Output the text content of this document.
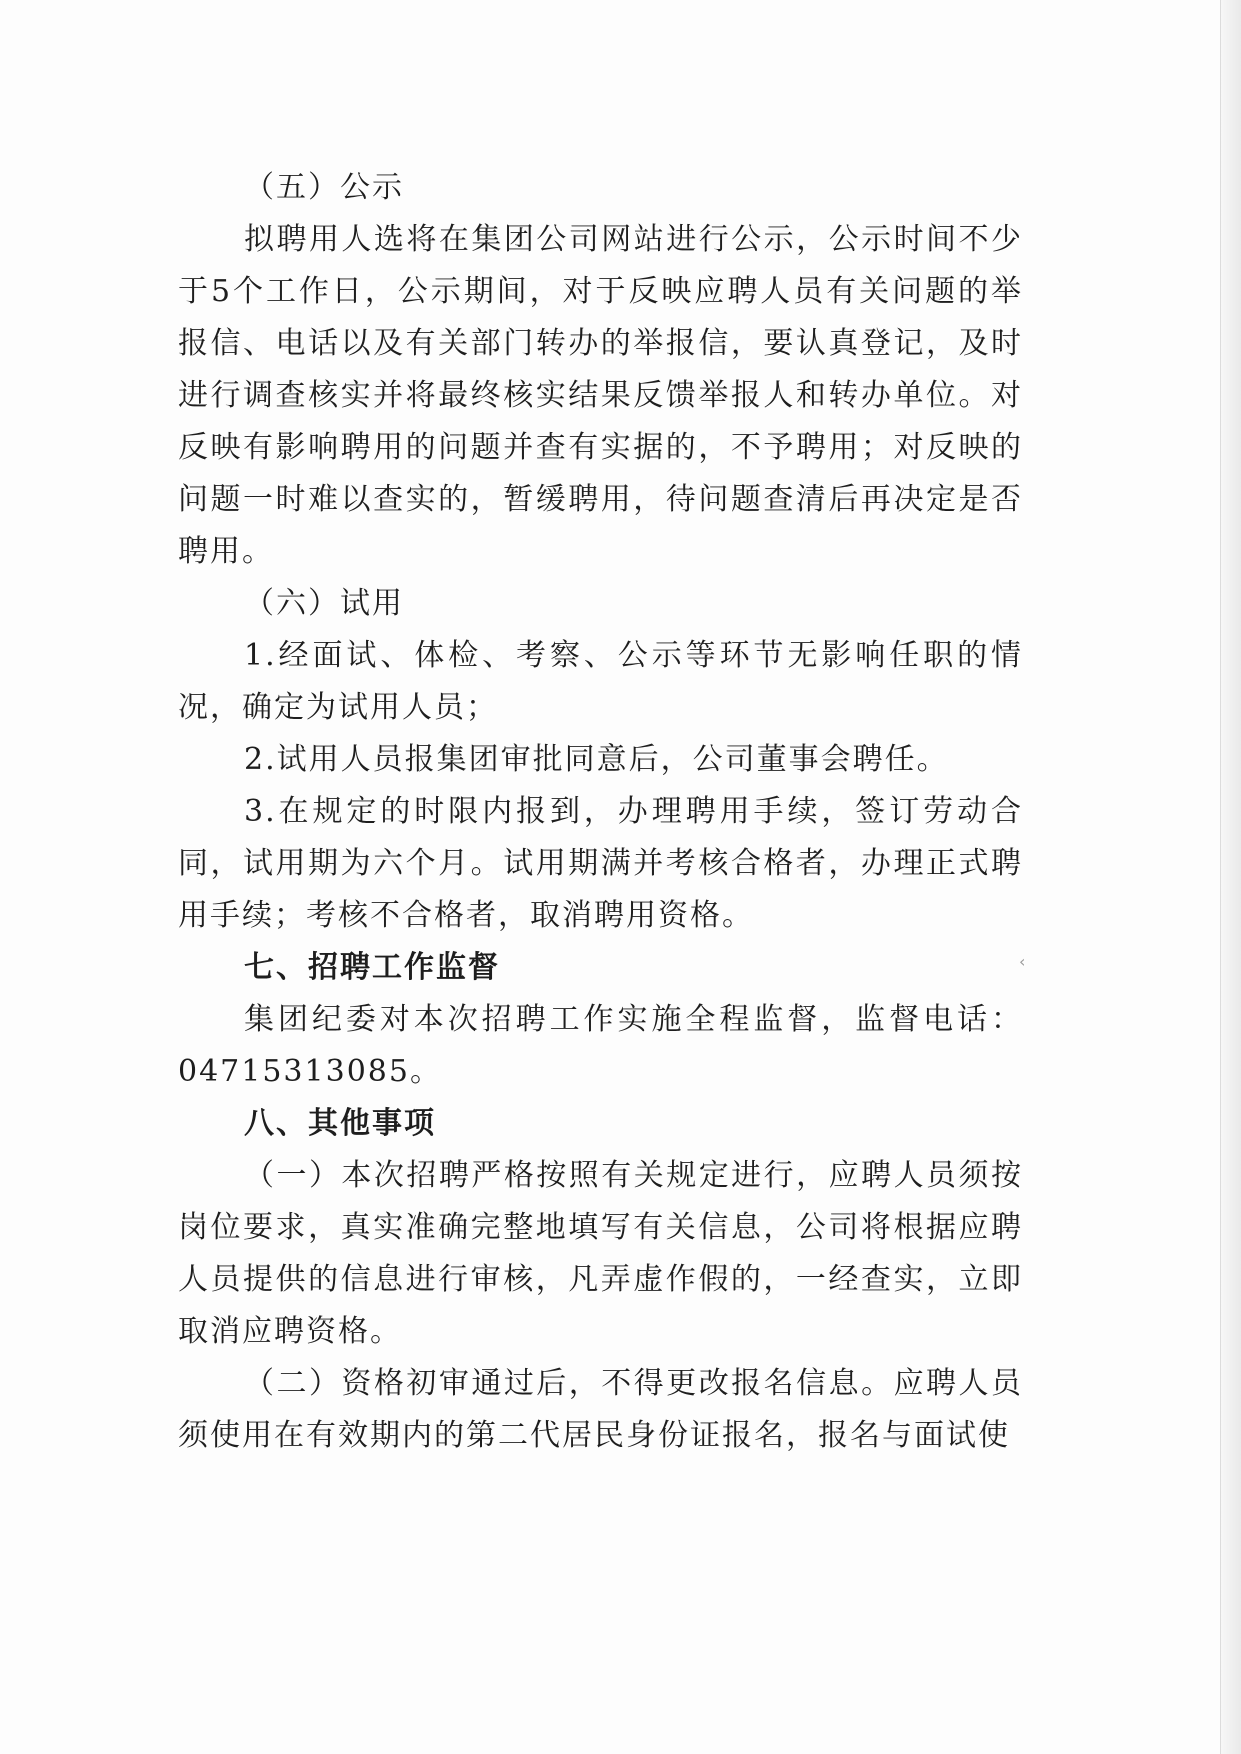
（五）公示

拟聘用人选将在集团公司网站进行公示，公示时间不少于5个工作日，公示期间，对于反映应聘人员有关问题的举报信、电话以及有关部门转办的举报信，要认真登记，及时进行调查核实并将最终核实结果反馈举报人和转办单位。对反映有影响聘用的问题并查有实据的，不予聘用；对反映的问题一时难以查实的，暂缓聘用，待问题查清后再决定是否聘用。

（六）试用

1.经面试、体检、考察、公示等环节无影响任职的情况，确定为试用人员；

2.试用人员报集团审批同意后，公司董事会聘任。

3.在规定的时限内报到，办理聘用手续，签订劳动合同，试用期为六个月。试用期满并考核合格者，办理正式聘用手续；考核不合格者，取消聘用资格。

七、招聘工作监督

集团纪委对本次招聘工作实施全程监督，监督电话：04715313085。

八、其他事项

（一）本次招聘严格按照有关规定进行，应聘人员须按岗位要求，真实准确完整地填写有关信息，公司将根据应聘人员提供的信息进行审核，凡弄虚作假的，一经查实，立即取消应聘资格。

（二）资格初审通过后，不得更改报名信息。应聘人员须使用在有效期内的第二代居民身份证报名，报名与面试使

‹
